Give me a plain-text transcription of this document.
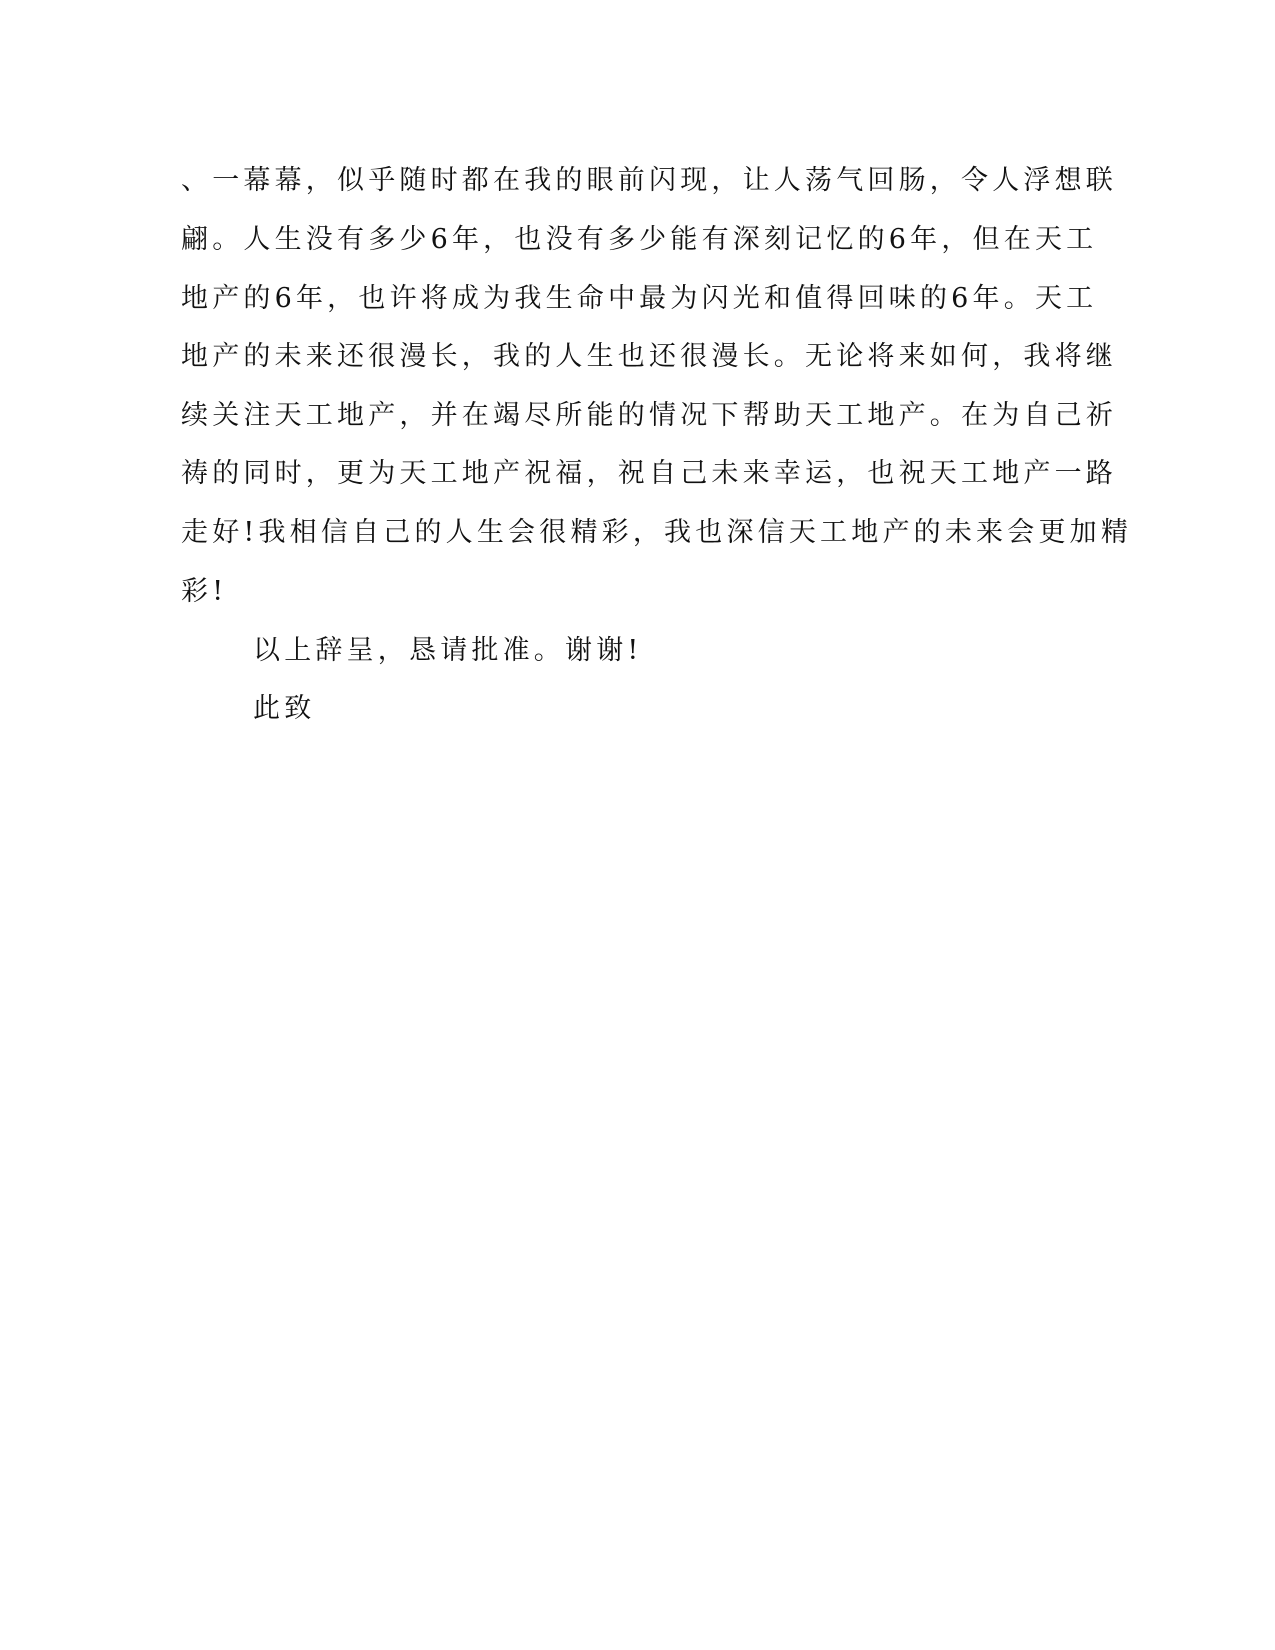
、一幕幕，似乎随时都在我的眼前闪现，让人荡气回肠，令人浮想联
翩。人生没有多少6年，也没有多少能有深刻记忆的6年，但在天工
地产的6年，也许将成为我生命中最为闪光和值得回味的6年。天工
地产的未来还很漫长，我的人生也还很漫长。无论将来如何，我将继
续关注天工地产，并在竭尽所能的情况下帮助天工地产。在为自己祈
祷的同时，更为天工地产祝福，祝自己未来幸运，也祝天工地产一路
走好!我相信自己的人生会很精彩，我也深信天工地产的未来会更加精
彩!
以上辞呈，恳请批准。谢谢!
此致
